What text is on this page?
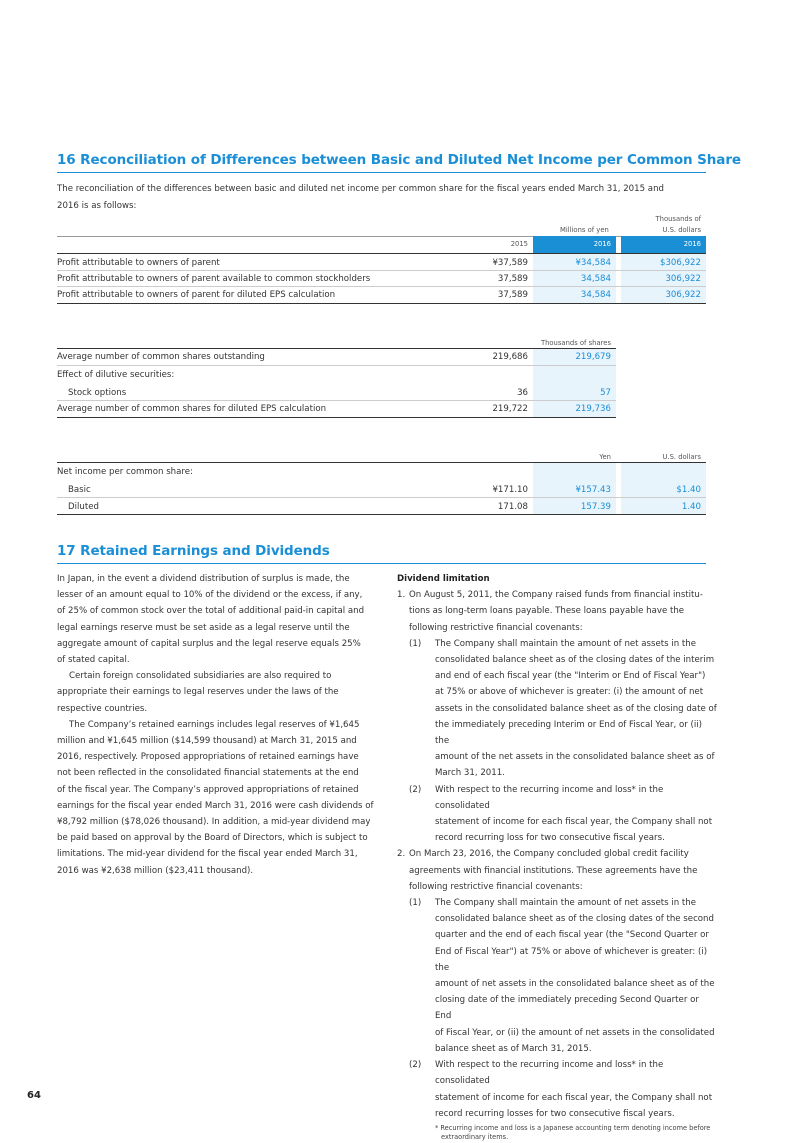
16 Reconciliation of Differences between Basic and Diluted Net Income per Common Share
The reconciliation of the differences between basic and diluted net income per common share for the fiscal years ended March 31, 2015 and
2016 is as follows:
Millions of yen
Thousands of
U.S. dollars
2015	2016	2016
Profit attributable to owners of parent	¥37,589	¥34,584	$306,922
Profit attributable to owners of parent available to common stockholders	37,589	34,584	306,922
Profit attributable to owners of parent for diluted EPS calculation	37,589	34,584	306,922
Thousands of shares
Average number of common shares outstanding	219,686	219,679
Effect of dilutive securities:
Stock options	36	57
Average number of common shares for diluted EPS calculation	219,722	219,736
Yen	U.S. dollars
Net income per common share:
Basic	¥171.10	¥157.43	$1.40
Diluted	171.08	157.39	1.40
17 Retained Earnings and Dividends
In Japan, in the event a dividend distribution of surplus is made, the
lesser of an amount equal to 10% of the dividend or the excess, if any,
of 25% of common stock over the total of additional paid-in capital and
legal earnings reserve must be set aside as a legal reserve until the
aggregate amount of capital surplus and the legal reserve equals 25%
of stated capital.
Certain foreign consolidated subsidiaries are also required to
appropriate their earnings to legal reserves under the laws of the
respective countries.
The Company’s retained earnings includes legal reserves of ¥1,645
million and ¥1,645 million ($14,599 thousand) at March 31, 2015 and
2016, respectively. Proposed appropriations of retained earnings have
not been reflected in the consolidated financial statements at the end
of the fiscal year. The Company’s approved appropriations of retained
earnings for the fiscal year ended March 31, 2016 were cash dividends of
¥8,792 million ($78,026 thousand). In addition, a mid-year dividend may
be paid based on approval by the Board of Directors, which is subject to
limitations. The mid-year dividend for the fiscal year ended March 31,
2016 was ¥2,638 million ($23,411 thousand).
Dividend limitation
1. On August 5, 2011, the Company raised funds from financial institu-
tions as long-term loans payable. These loans payable have the
following restrictive financial covenants:
(1)	The Company shall maintain the amount of net assets in the
consolidated balance sheet as of the closing dates of the interim
and end of each fiscal year (the "Interim or End of Fiscal Year")
at 75% or above of whichever is greater: (i) the amount of net
assets in the consolidated balance sheet as of the closing date of
the immediately preceding Interim or End of Fiscal Year, or (ii) the
amount of the net assets in the consolidated balance sheet as of
March 31, 2011.
(2)	With respect to the recurring income and loss* in the consolidated
statement of income for each fiscal year, the Company shall not
record recurring loss for two consecutive fiscal years.
2. On March 23, 2016, the Company concluded global credit facility
agreements with financial institutions. These agreements have the
following restrictive financial covenants:
(1)	The Company shall maintain the amount of net assets in the
consolidated balance sheet as of the closing dates of the second
quarter and the end of each fiscal year (the "Second Quarter or
End of Fiscal Year") at 75% or above of whichever is greater: (i) the
amount of net assets in the consolidated balance sheet as of the
closing date of the immediately preceding Second Quarter or End
of Fiscal Year, or (ii) the amount of net assets in the consolidated
balance sheet as of March 31, 2015.
(2)	With respect to the recurring income and loss* in the consolidated
statement of income for each fiscal year, the Company shall not
record recurring losses for two consecutive fiscal years.
* Recurring income and loss is a Japanese accounting term denoting income before
extraordinary items.
64
